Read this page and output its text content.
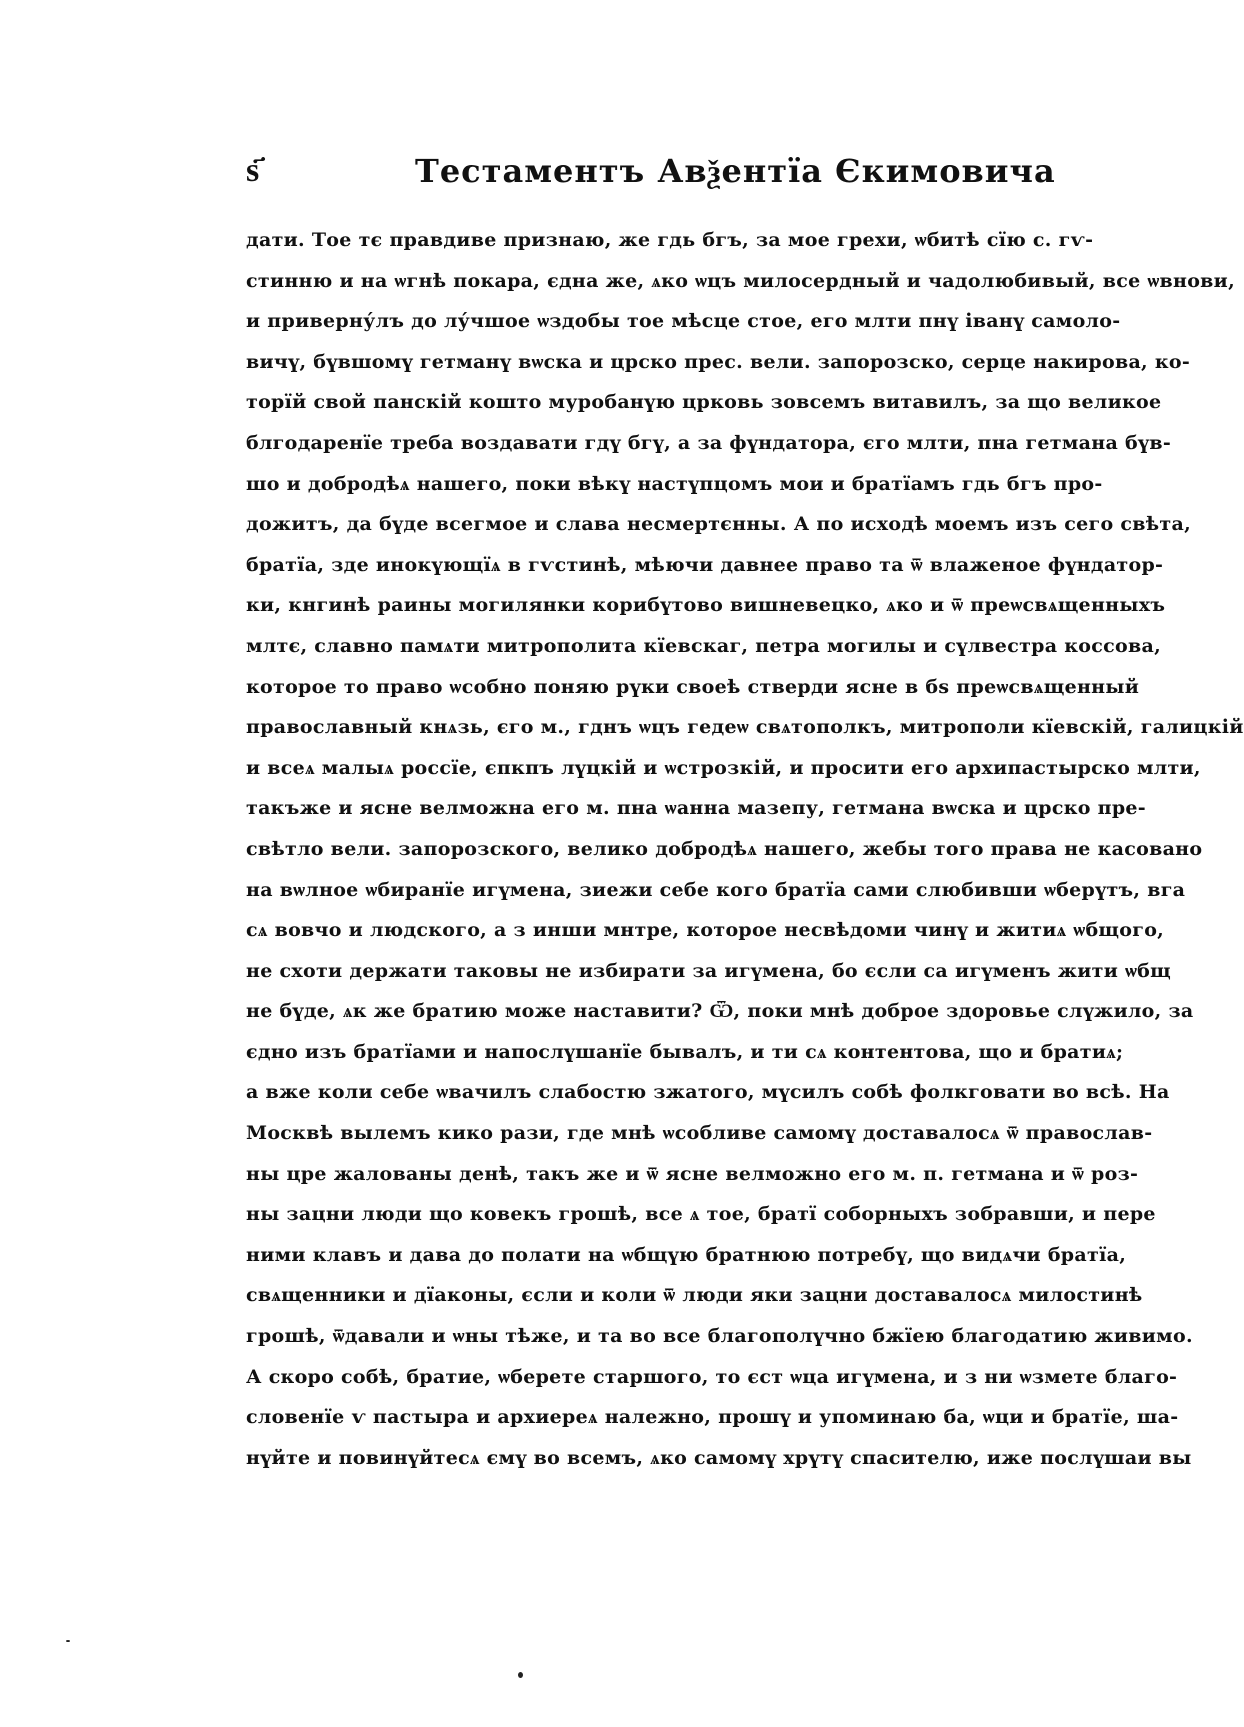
ѕ҃	Тестаментъ Авѯентїа Єкимовича
дати. Тое тє правдиве признаю, же гдь бгъ, за мое грехи, ѡбитѣ сїю с. гѵ-
стинню и на ѡгнѣ покара, єдна же, ѧко ѡцъ милосердный и чадолюбивый, все ѡвнови,
и приверну́лъ до лу́чшое ѡздобы тое мѣсце стое, его млти пнү іванү самоло-
вичү, бүвшомү гетманү вѡска и црско прес. вели. запорозско, серце накирова, ко-
торїй свой панскій кошто муробанүю црковь зовсемъ витавилъ, за що великое
блгодаренїе треба воздавати гдү бгү, а за фүндатора, єго млти, пна гетмана бүв-
шо и добродѣѧ нашего, поки вѣкү настүпцомъ мои и братїамъ гдь бгъ про-
дожитъ, да бүде всегмое и слава несмертєнны. А по исходѣ моемъ изъ сего свѣта,
братїа, зде инокүющїѧ в гѵстинѣ, мѣючи давнее право та ѿ влаженое фүндатор-
ки, кнгинѣ раины могилянки корибүтово вишневецко, ѧко и ѿ преѡсвѧщенныхъ
млтє, славно памѧти митрополита кїевскаг, петра могилы и сүлвестра коссова,
которое то право ѡсобно поняю рүки своеѣ стверди ясне в бѕ преѡсвѧщенный
православный кнѧзь, єго м., гднъ ѡцъ гедеѡ свѧтополкъ, митрополи кїевскій, галицкій
и всеѧ малыѧ россїе, єпкпъ лүцкій и ѡстрозкій, и просити его архипастырско млти,
такъже и ясне велможна его м. пна ѡанна мазепу, гетмана вѡска и црско пре-
свѣтло вели. запорозского, велико добродѣѧ нашего, жебы того права не касовано
на вѡлное ѡбиранїе игүмена, зиежи себе кого братїа сами слюбивши ѡберүтъ, вга
сѧ вовчо и людского, а з инши мнтре, которое несвѣдоми чинү и житиѧ ѡбщого,
не схоти держати таковы не избирати за игүмена, бо єсли са игүменъ жити ѡбщ
не бүде, ѧк же братию може наставити? Ѿ, поки мнѣ доброе здоровье слүжило, за
єдно изъ братїами и напослүшанїе бывалъ, и ти сѧ контентова, що и братиѧ;
а вже коли себе ѡвачилъ слабостю зжатого, мүсилъ собѣ фолкговати во всѣ. На
Москвѣ вылемъ кико рази, где мнѣ ѡсобливе самомү доставалосѧ ѿ православ-
ны цре жалованы денѣ, такъ же и ѿ ясне велможно его м. п. гетмана и ѿ роз-
ны зацни люди що ковекъ грошѣ, все ѧ тое, братї соборныхъ зобравши, и пере
ними клавъ и дава до полати на ѡбщүю братнюю потребү, що видѧчи братїа,
свѧщенники и дїаконы, єсли и коли ѿ люди яки зацни доставалосѧ милостинѣ
грошѣ, ѿдавали и ѡны тѣже, и та во все благополүчно бжїею благодатию живимо.
А скоро собѣ, братие, ѡберете старшого, то єст ѡца игүмена, и з ни ѡзмете благо-
словенїе ѵ пастыра и архиереѧ належно, прошү и упоминаю ба, ѡци и братїе, ша-
нүйте и повинүйтесѧ ємү во всемъ, ѧко самомү хрүтү спасителю, иже послүшаи вы
